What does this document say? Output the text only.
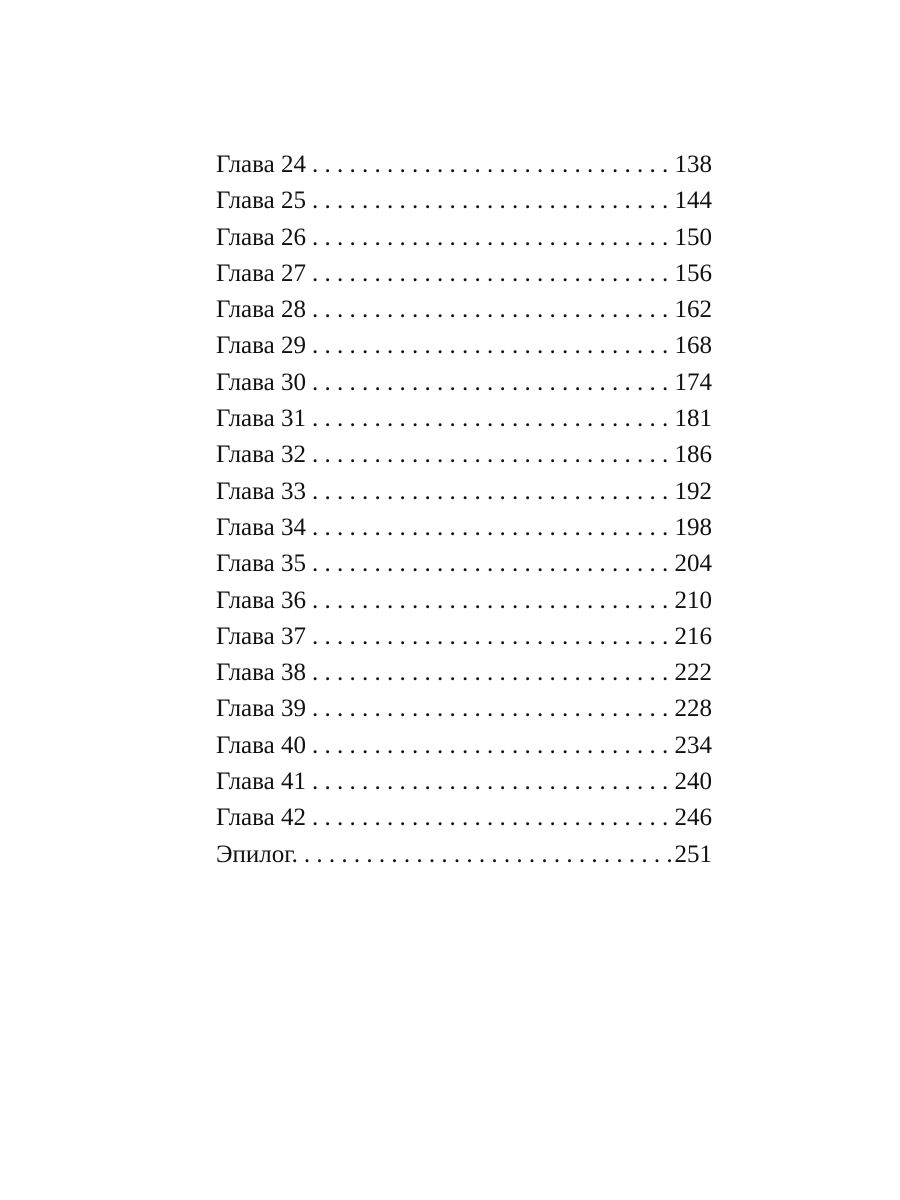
Глава 24 . . .	138
Глава 25 . . .	144
Глава 26 . . .	150
Глава 27 . . .	156
Глава 28 . . .	162
Глава 29 . . .	168
Глава 30 . . .	174
Глава 31 . . .	181
Глава 32 . . .	186
Глава 33 . . .	192
Глава 34 . . .	198
Глава 35 . . .	204
Глава 36 . . .	210
Глава 37 . . .	216
Глава 38 . . .	222
Глава 39 . . .	228
Глава 40 . . .	234
Глава 41 . . .	240
Глава 42 . . .	246
Эпилог. . . .	251
